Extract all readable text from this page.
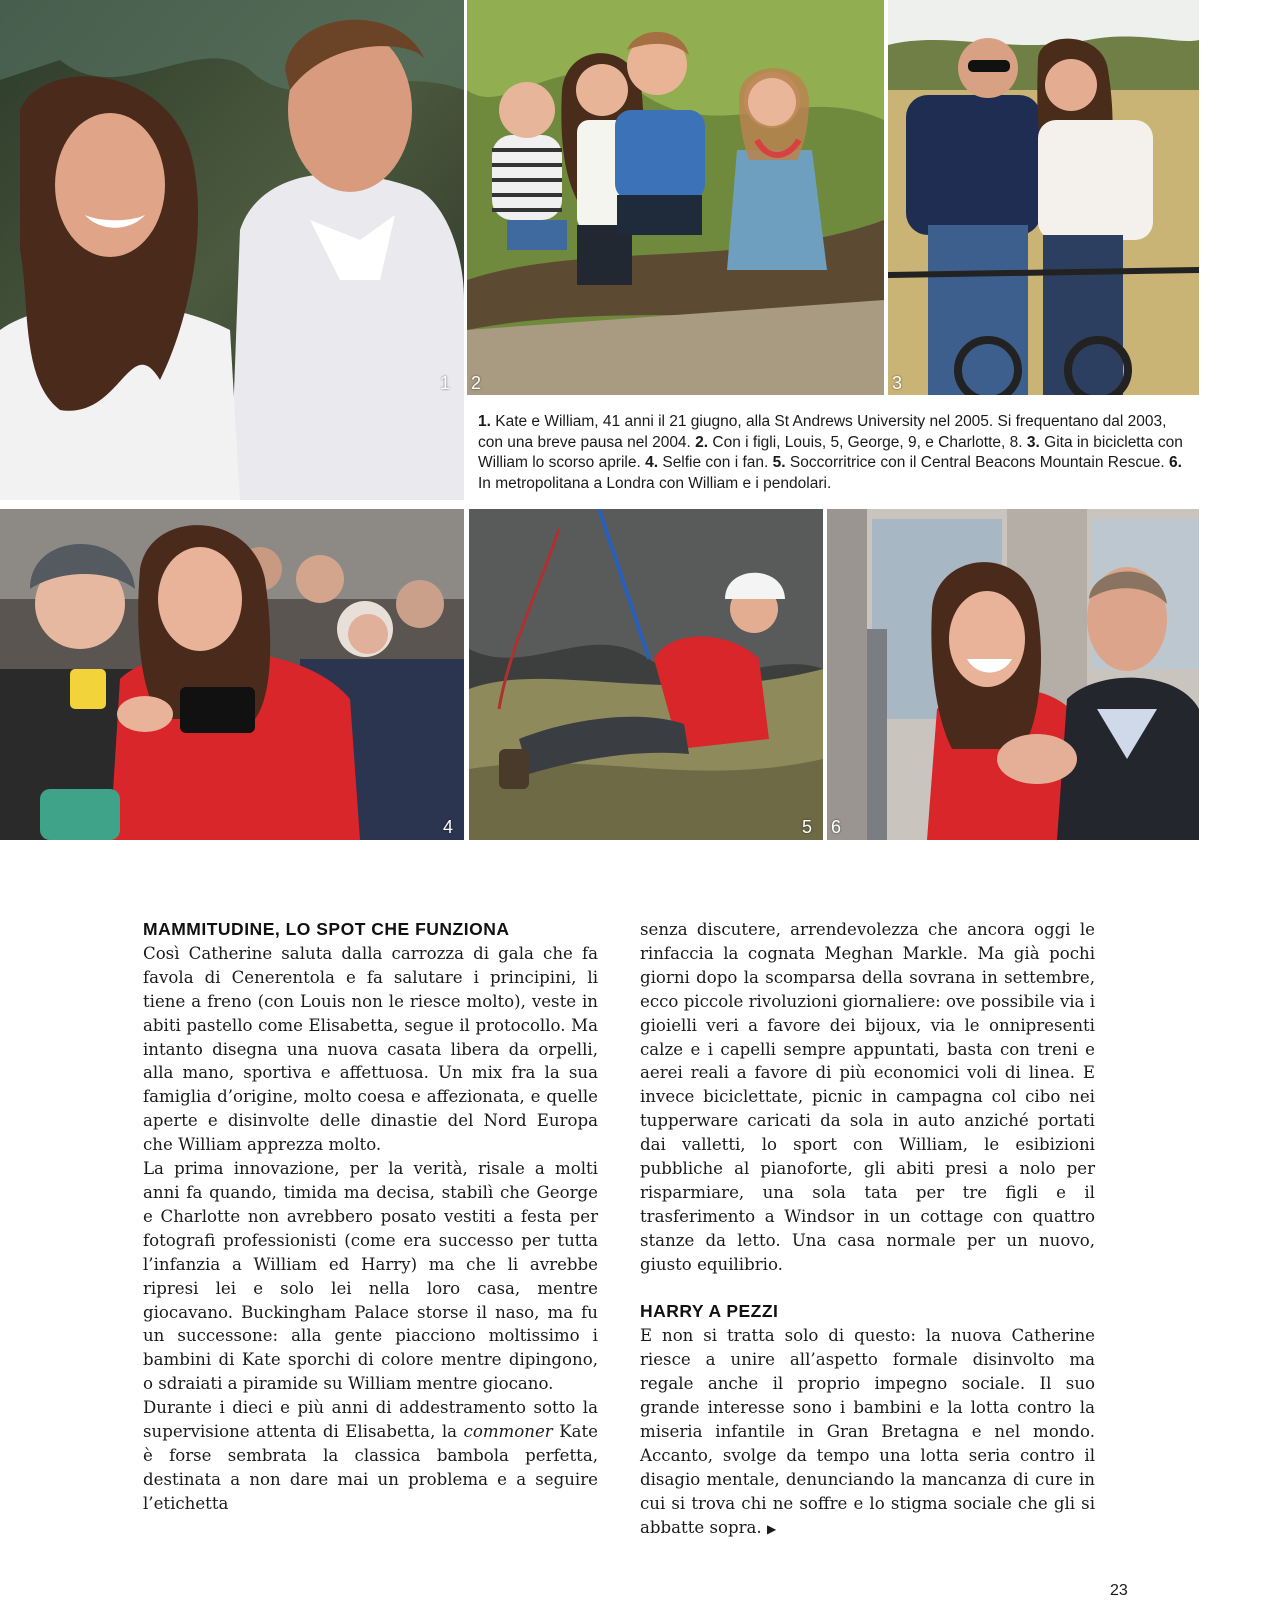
1 2	3

1. Kate e William, 41 anni il 21 giugno, alla St Andrews University nel 2005. Si frequentano dal 2003, con una breve pausa nel 2004. 2. Con i figli, Louis, 5, George, 9, e Charlotte, 8. 3. Gita in bicicletta con William lo scorso aprile. 4. Selfie con i fan. 5. Soccorritrice con il Central Beacons Mountain Rescue. 6. In metropolitana a Londra con William e i pendolari.

4	5 6
MAMMITUDINE, LO SPOT CHE FUNZIONA

Così Catherine saluta dalla carrozza di gala che fa favola di Cenerentola e fa salutare i principini, li tiene a freno (con Louis non le riesce molto), veste in abiti pastello come Elisabetta, segue il protocollo. Ma intanto disegna una nuova casata libera da orpelli, alla mano, sportiva e affettuosa. Un mix fra la sua famiglia d’origine, molto coesa e affezionata, e quelle aperte e disinvolte delle dinastie del Nord Europa che William apprezza molto.

La prima innovazione, per la verità, risale a molti anni fa quando, timida ma decisa, stabilì che George e Charlotte non avrebbero posato vestiti a festa per fotografi professionisti (come era successo per tutta l’infanzia a William ed Harry) ma che li avrebbe ripresi lei e solo lei nella loro casa, mentre giocavano. Buckingham Palace storse il naso, ma fu un successone: alla gente piacciono moltissimo i bambini di Kate sporchi di colore mentre dipingono, o sdraiati a piramide su William mentre giocano.

Durante i dieci e più anni di addestramento sotto la supervisione attenta di Elisabetta, la commoner Kate è forse sembrata la classica bambola perfetta, destinata a non dare mai un problema e a seguire l’etichetta

senza discutere, arrendevolezza che ancora oggi le rinfaccia la cognata Meghan Markle. Ma già pochi giorni dopo la scomparsa della sovrana in settembre, ecco piccole rivoluzioni giornaliere: ove possibile via i gioielli veri a favore dei bijoux, via le onnipresenti calze e i capelli sempre appuntati, basta con treni e aerei reali a favore di più economici voli di linea. E invece biciclettate, picnic in campagna col cibo nei tupperware caricati da sola in auto anziché portati dai valletti, lo sport con William, le esibizioni pubbliche al pianoforte, gli abiti presi a nolo per risparmiare, una sola tata per tre figli e il trasferimento a Windsor in un cottage con quattro stanze da letto. Una casa normale per un nuovo, giusto equilibrio.

HARRY A PEZZI

E non si tratta solo di questo: la nuova Catherine riesce a unire all’aspetto formale disinvolto ma regale anche il proprio impegno sociale. Il suo grande interesse sono i bambini e la lotta contro la miseria infantile in Gran Bretagna e nel mondo. Accanto, svolge da tempo una lotta seria contro il disagio mentale, denunciando la mancanza di cure in cui si trova chi ne soffre e lo stigma sociale che gli si abbatte sopra. ▶

23
